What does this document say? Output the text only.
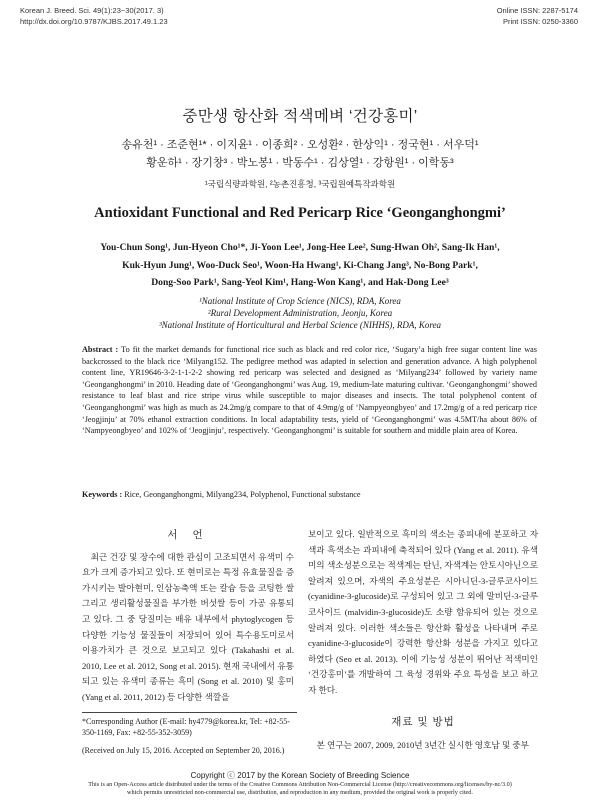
Korean J. Breed. Sci. 49(1):23~30(2017. 3)
http://dx.doi.org/10.9787/KJBS.2017.49.1.23
Online ISSN: 2287-5174
Print ISSN: 0250-3360
중만생 항산화 적색메벼 ‘건강홍미’
송유천¹ · 조준현¹* · 이지윤¹ · 이종희² · 오성환² · 한상익¹ · 정국현¹ · 서우덕¹
황운하¹ · 장기창³ · 박노봉¹ · 박동수¹ · 김상열¹ · 강항원¹ · 이학동³
¹국립식량과학원, ²농촌진흥청, ³국립원예특작과학원
Antioxidant Functional and Red Pericarp Rice ‘Geonganghongmi’
You-Chun Song¹, Jun-Hyeon Cho¹*, Ji-Yoon Lee¹, Jong-Hee Lee², Sung-Hwan Oh², Sang-Ik Han¹,
Kuk-Hyun Jung¹, Woo-Duck Seo¹, Woon-Ha Hwang¹, Ki-Chang Jang³, No-Bong Park¹,
Dong-Soo Park¹, Sang-Yeol Kim¹, Hang-Won Kang¹, and Hak-Dong Lee³
¹National Institute of Crop Science (NICS), RDA, Korea
²Rural Development Administration, Jeonju, Korea
³National Institute of Horticultural and Herbal Science (NIHHS), RDA, Korea
Abstract : To fit the market demands for functional rice such as black and red color rice, ‘Sugary’a high free sugar content line was backcrossed to the black rice ‘Milyang152. The pedigree method was adapted in selection and generation advance. A high polyphenol content line, YR19646-3-2-1-1-2-2 showing red pericarp was selected and designed as ‘Milyang234’ followed by variety name ‘Geonganghongmi’ in 2010. Heading date of ‘Geonganghongmi’ was Aug. 19, medium-late maturing cultivar. ‘Geonganghongmi’ showed resistance to leaf blast and rice stripe virus while susceptible to major diseases and insects. The total polyphenol content of ‘Geonganghongmi’ was high as much as 24.2mg/g compare to that of 4.9mg/g of ‘Nampyeongbyeo’ and 17.2mg/g of a red pericarp rice ‘Jeogjinju’ at 70% ethanol extraction conditions. In local adaptability tests, yield of ‘Geonganghongmi’ was 4.5MT/ha about 86% of ‘Nampyeongbyeo’ and 102% of ‘Jeogjinju’, respectively. ‘Geonganghongmi’ is suitable for southern and middle plain area of Korea.
Keywords : Rice, Geonganghongmi, Milyang234, Polyphenol, Functional substance
서 언
최근 건강 및 장수에 대한 관심이 고조되면서 유색미 수요가 크게 증가되고 있다. 또 현미로는 특정 유효물질을 증가시키는 발아현미, 인삼농축액 또는 칼슘 등을 코팅한 쌀 그리고 생리활성물질을 부가한 버섯쌀 등이 가공 유통되고 있다. 그 중 당질미는 배유 내부에서 phytoglycogen 등 다양한 기능성 물질들이 저장되어 있어 특수용도미로서 이용가치가 큰 것으로 보고되고 있다 (Takahashi et al. 2010, Lee et al. 2012, Song et al. 2015). 현재 국내에서 유통되고 있는 유색미 종류는 흑미 (Song et al. 2010) 및 홍미 (Yang et al. 2011, 2012) 등 다양한 색깔을
*Corresponding Author (E-mail: hy4779@korea.kr, Tel: +82-55-350-1169, Fax: +82-55-352-3059)
(Received on July 15, 2016. Accepted on September 20, 2016.)
보이고 있다. 일반적으로 흑미의 색소는 종피내에 분포하고 자색과 흑색소는 과피내에 축적되어 있다 (Yang et al. 2011). 유색미의 색소성분으로는 적색계는 탄닌, 자색계는 안토시아닌으로 알려져 있으며, 자색의 주요성분은 시아니딘-3-글루코사이드 (cyanidine-3-glucoside)로 구성되어 있고 그 외에 말비딘-3-글루코사이드 (malvidin-3-glucoside)도 소량 함유되어 있는 것으로 알려져 있다. 이러한 색소들은 항산화 활성을 나타내며 주로 cyanidine-3-glucoside이 강력한 항산화 성분을 가지고 있다고 하였다 (Seo et al. 2013). 이에 기능성 성분이 뛰어난 적색미인 ‘건강홍미’를 개발하여 그 육성 경위와 주요 특성을 보고 하고자 한다.
재료 및 방법
본 연구는 2007, 2009, 2010년 3년간 실시한 영호남 및 중부
Copyright ⓒ 2017 by the Korean Society of Breeding Science
This is an Open-Access article distributed under the terms of the Creative Commons Attribution Non-Commercial License (http://creativecommons.org/licenses/by-nc/3.0)
which permits unrestricted non-commercial use, distribution, and reproduction in any medium, provided the original work is properly cited.
